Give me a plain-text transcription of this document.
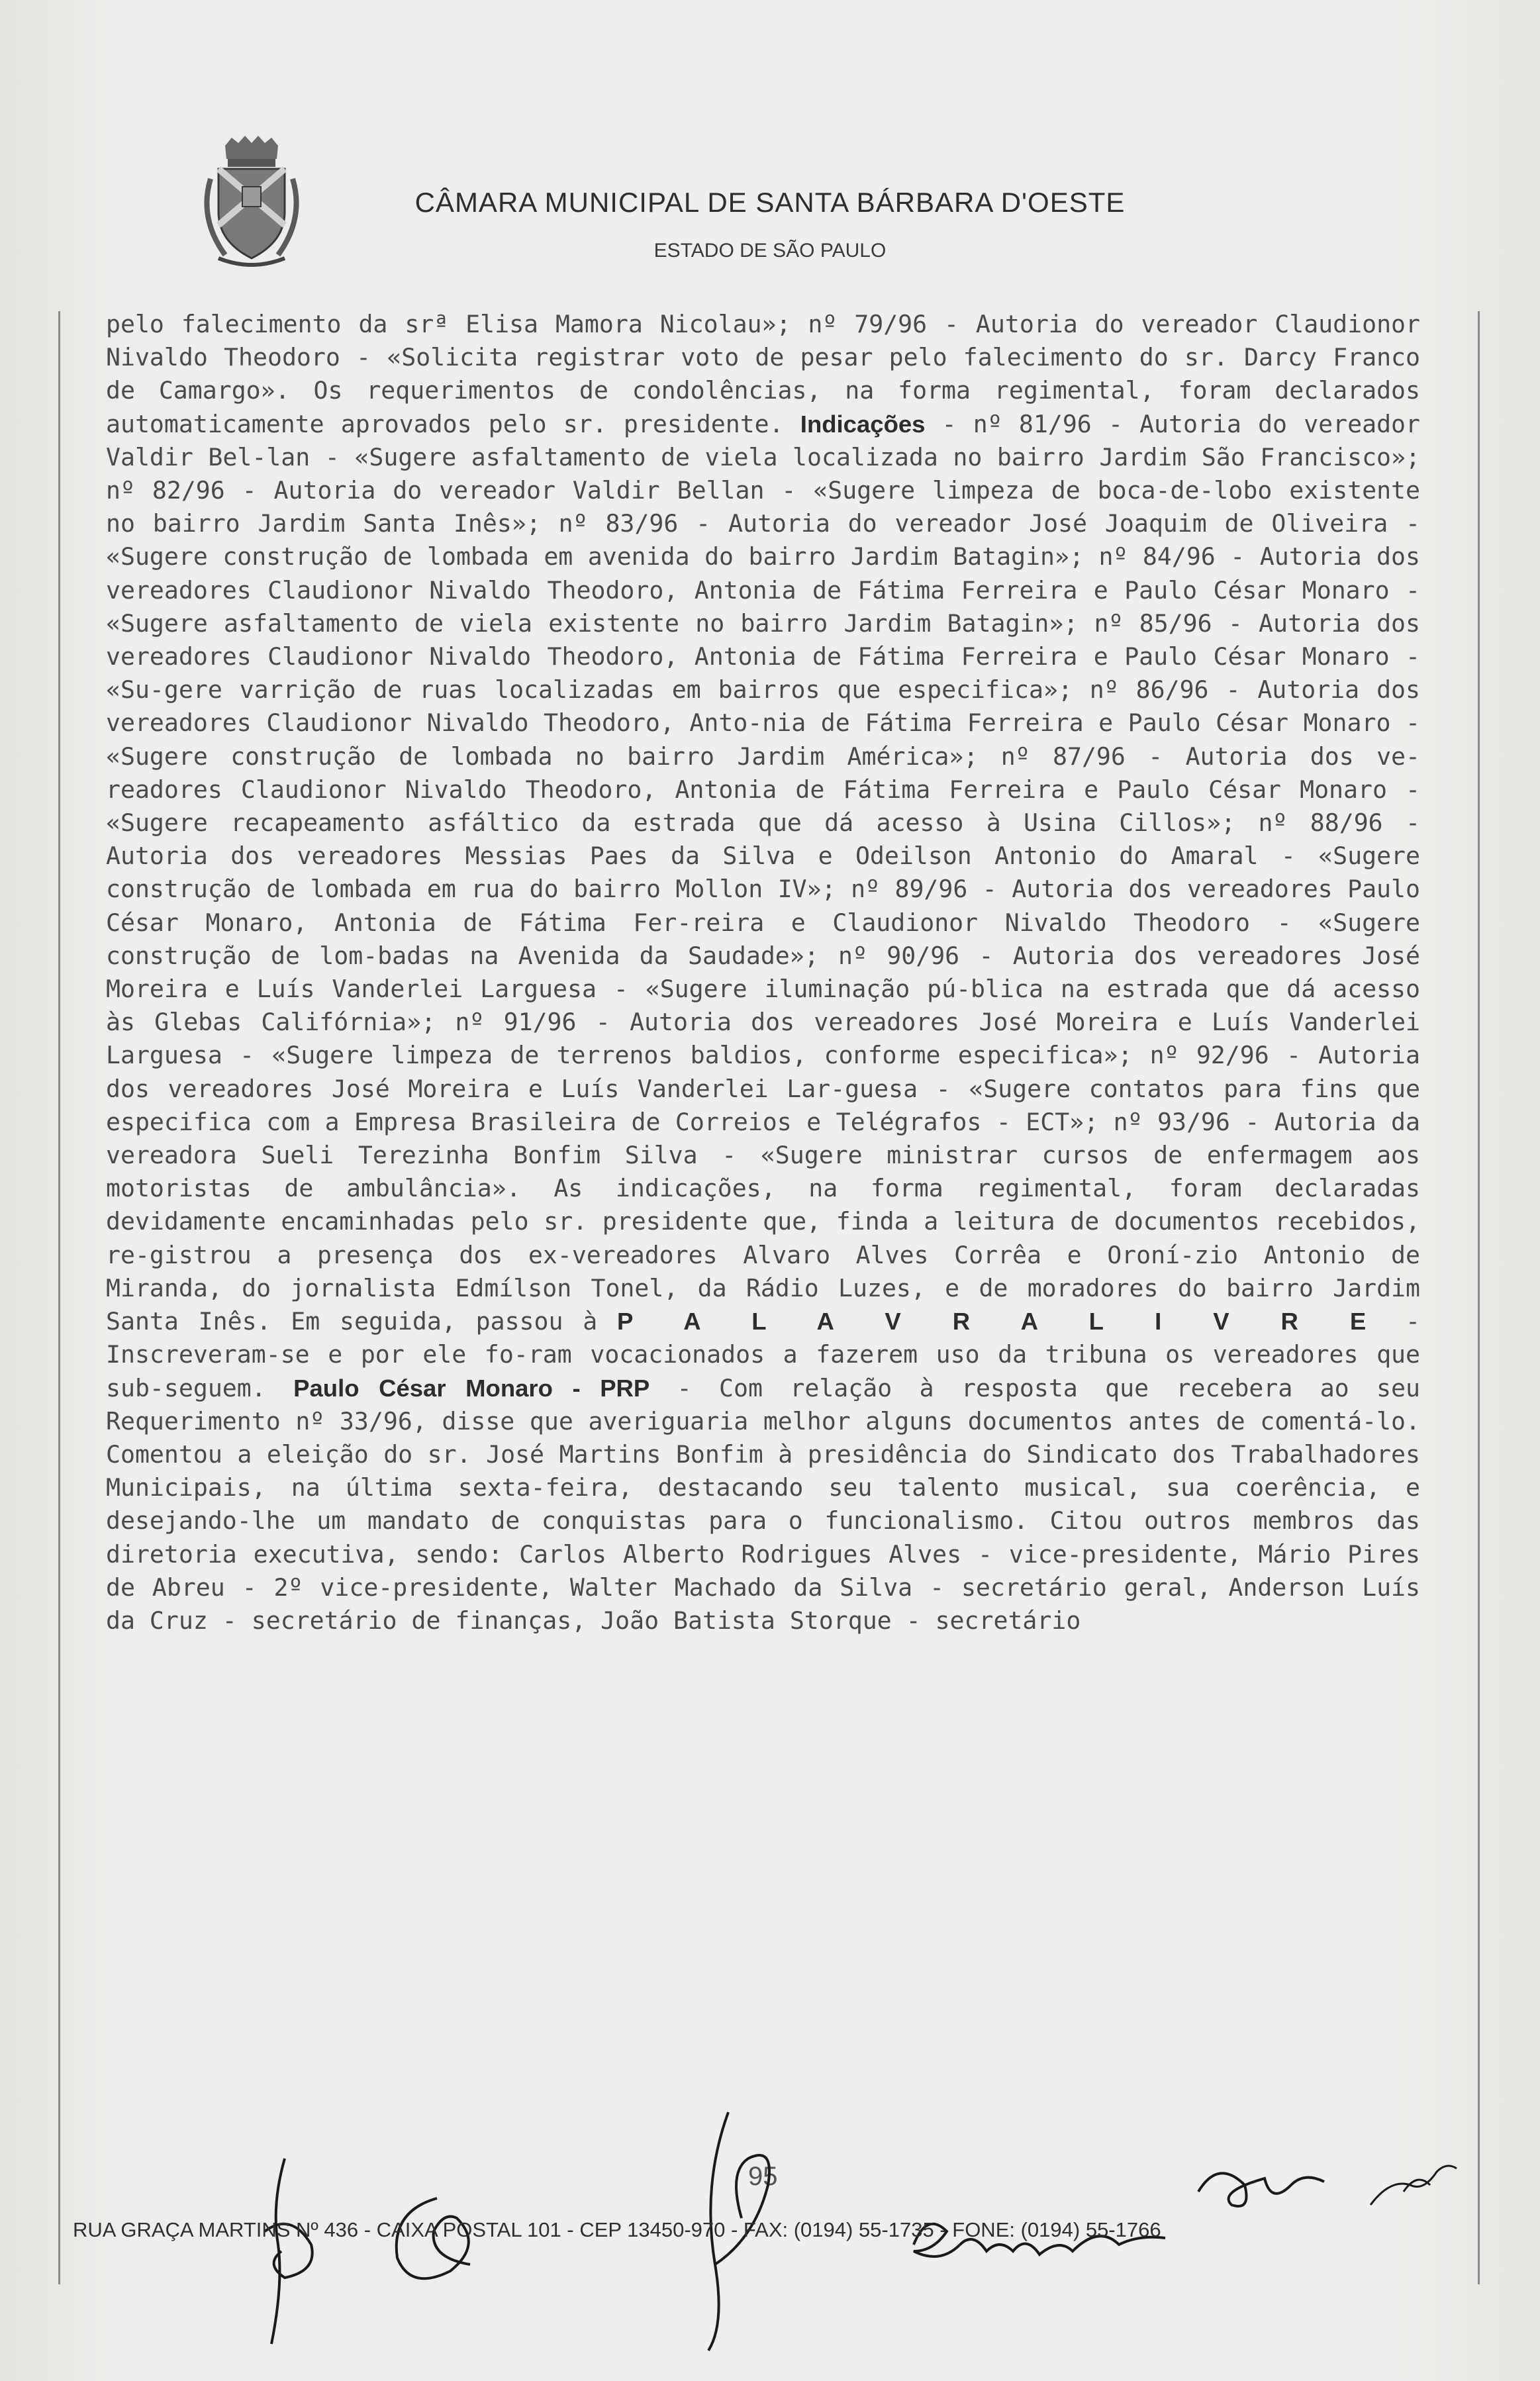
CÂMARA MUNICIPAL DE SANTA BÁRBARA D'OESTE
ESTADO DE SÃO PAULO

pelo falecimento da srª Elisa Mamora Nicolau»; nº 79/96 - Autoria do vereador Claudionor Nivaldo Theodoro - «Solicita registrar voto de pesar pelo falecimento do sr. Darcy Franco de Camargo». Os requerimentos de condolências, na forma regimental, foram declarados automaticamente aprovados pelo sr. presidente. Indicações - nº 81/96 - Autoria do vereador Valdir Bel-lan - «Sugere asfaltamento de viela localizada no bairro Jardim São Francisco»; nº 82/96 - Autoria do vereador Valdir Bellan - «Sugere limpeza de boca-de-lobo existente no bairro Jardim Santa Inês»; nº 83/96 - Autoria do vereador José Joaquim de Oliveira - «Sugere construção de lombada em avenida do bairro Jardim Batagin»; nº 84/96 - Autoria dos vereadores Claudionor Nivaldo Theodoro, Antonia de Fátima Ferreira e Paulo César Monaro - «Sugere asfaltamento de viela existente no bairro Jardim Batagin»; nº 85/96 - Autoria dos vereadores Claudionor Nivaldo Theodoro, Antonia de Fátima Ferreira e Paulo César Monaro - «Su-gere varrição de ruas localizadas em bairros que especifica»; nº 86/96 - Autoria dos vereadores Claudionor Nivaldo Theodoro, Anto-nia de Fátima Ferreira e Paulo César Monaro - «Sugere construção de lombada no bairro Jardim América»; nº 87/96 - Autoria dos ve-readores Claudionor Nivaldo Theodoro, Antonia de Fátima Ferreira e Paulo César Monaro - «Sugere recapeamento asfáltico da estrada que dá acesso à Usina Cillos»; nº 88/96 - Autoria dos vereadores Messias Paes da Silva e Odeilson Antonio do Amaral - «Sugere construção de lombada em rua do bairro Mollon IV»; nº 89/96 - Autoria dos vereadores Paulo César Monaro, Antonia de Fátima Fer-reira e Claudionor Nivaldo Theodoro - «Sugere construção de lom-badas na Avenida da Saudade»; nº 90/96 - Autoria dos vereadores José Moreira e Luís Vanderlei Larguesa - «Sugere iluminação pú-blica na estrada que dá acesso às Glebas Califórnia»; nº 91/96 - Autoria dos vereadores José Moreira e Luís Vanderlei Larguesa - «Sugere limpeza de terrenos baldios, conforme especifica»; nº 92/96 - Autoria dos vereadores José Moreira e Luís Vanderlei Lar-guesa - «Sugere contatos para fins que especifica com a Empresa Brasileira de Correios e Telégrafos - ECT»; nº 93/96 - Autoria da vereadora Sueli Terezinha Bonfim Silva - «Sugere ministrar cursos de enfermagem aos motoristas de ambulância». As indicações, na forma regimental, foram declaradas devidamente encaminhadas pelo sr. presidente que, finda a leitura de documentos recebidos, re-gistrou a presença dos ex-vereadores Alvaro Alves Corrêa e Oroní-zio Antonio de Miranda, do jornalista Edmílson Tonel, da Rádio Luzes, e de moradores do bairro Jardim Santa Inês. Em seguida, passou à P A L A V R A L I V R E - Inscreveram-se e por ele fo-ram vocacionados a fazerem uso da tribuna os vereadores que sub-seguem. Paulo César Monaro - PRP - Com relação à resposta que recebera ao seu Requerimento nº 33/96, disse que averiguaria melhor alguns documentos antes de comentá-lo. Comentou a eleição do sr. José Martins Bonfim à presidência do Sindicato dos Trabalhadores Municipais, na última sexta-feira, destacando seu talento musical, sua coerência, e desejando-lhe um mandato de conquistas para o funcionalismo. Citou outros membros das diretoria executiva, sendo: Carlos Alberto Rodrigues Alves - vice-presidente, Mário Pires de Abreu - 2º vice-presidente, Walter Machado da Silva - secretário geral, Anderson Luís da Cruz - secretário de finanças, João Batista Storque - secretário

95
RUA GRAÇA MARTINS Nº 436 - CAIXA POSTAL 101 - CEP 13450-970 - FAX: (0194) 55-1735 - FONE: (0194) 55-1766
